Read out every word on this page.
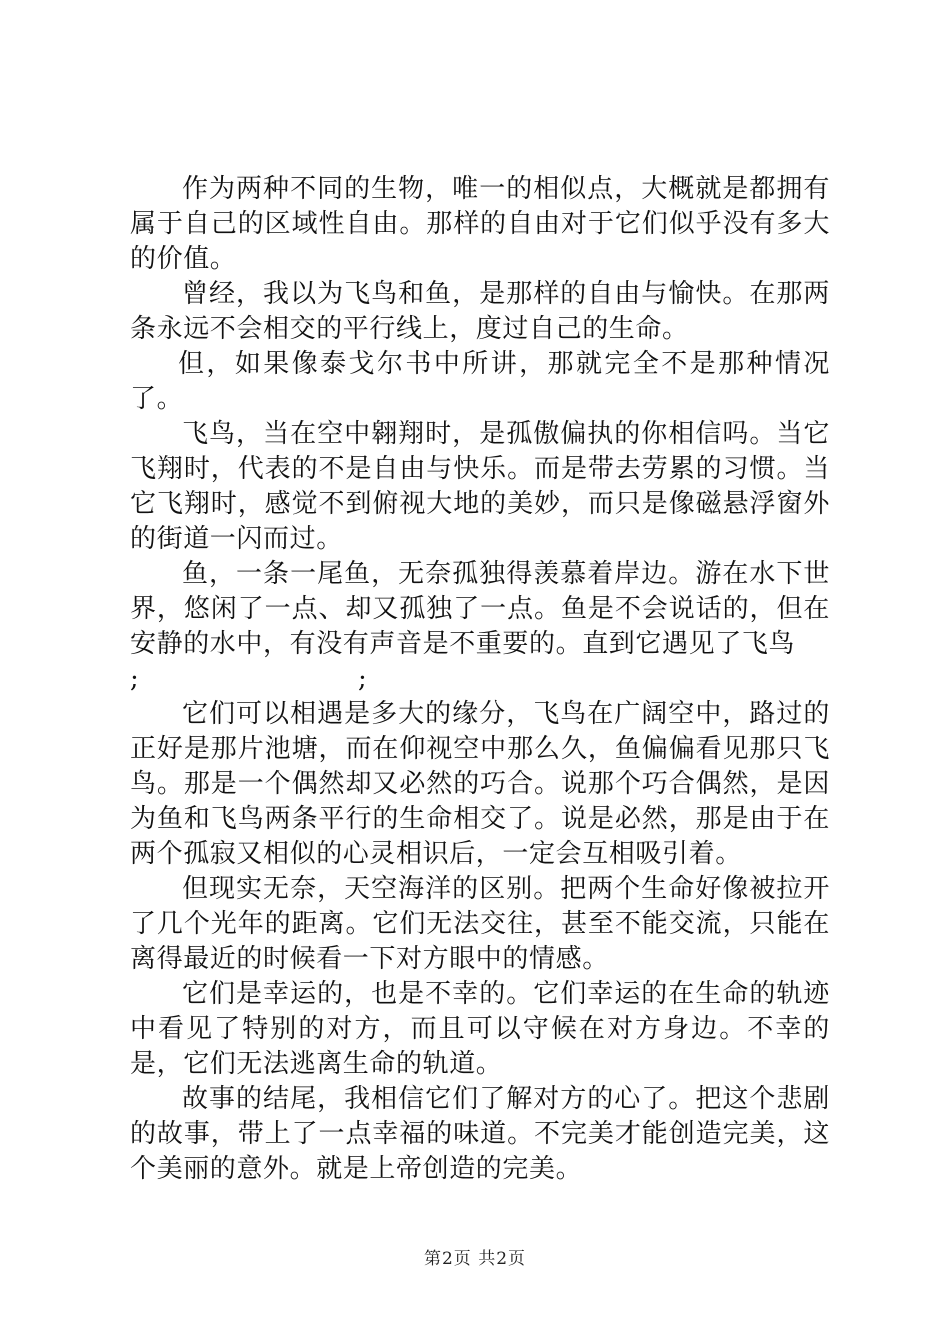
作为两种不同的生物，唯一的相似点，大概就是都拥有属于自己的区域性自由。那样的自由对于它们似乎没有多大的价值。

曾经，我以为飞鸟和鱼，是那样的自由与愉快。在那两条永远不会相交的平行线上，度过自己的生命。

但，如果像泰戈尔书中所讲，那就完全不是那种情况了。

飞鸟，当在空中翱翔时，是孤傲偏执的你相信吗。当它飞翔时，代表的不是自由与快乐。而是带去劳累的习惯。当它飞翔时，感觉不到俯视大地的美妙，而只是像磁悬浮窗外的街道一闪而过。

鱼，一条一尾鱼，无奈孤独得羡慕着岸边。游在水下世界，悠闲了一点、却又孤独了一点。鱼是不会说话的，但在安静的水中，有没有声音是不重要的。直到它遇见了飞鸟

;	;

它们可以相遇是多大的缘分，飞鸟在广阔空中，路过的正好是那片池塘，而在仰视空中那么久，鱼偏偏看见那只飞鸟。那是一个偶然却又必然的巧合。说那个巧合偶然，是因为鱼和飞鸟两条平行的生命相交了。说是必然，那是由于在两个孤寂又相似的心灵相识后，一定会互相吸引着。

但现实无奈，天空海洋的区别。把两个生命好像被拉开了几个光年的距离。它们无法交往，甚至不能交流，只能在离得最近的时候看一下对方眼中的情感。

它们是幸运的，也是不幸的。它们幸运的在生命的轨迹中看见了特别的对方，而且可以守候在对方身边。不幸的是，它们无法逃离生命的轨道。

故事的结尾，我相信它们了解对方的心了。把这个悲剧的故事，带上了一点幸福的味道。不完美才能创造完美，这个美丽的意外。就是上帝创造的完美。

第2页 共2页
